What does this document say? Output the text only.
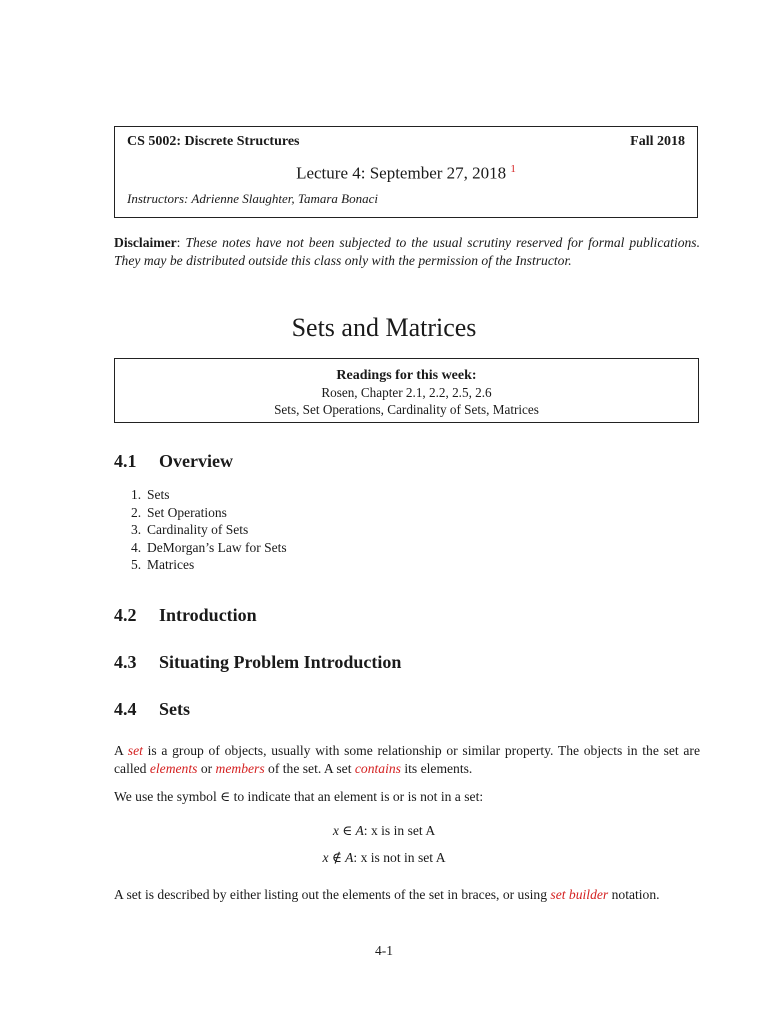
CS 5002: Discrete Structures	Fall 2018
Lecture 4: September 27, 2018 $^1$
Instructors: Adrienne Slaughter, Tamara Bonaci

Disclaimer: These notes have not been subjected to the usual scrutiny reserved for formal publications. They may be distributed outside this class only with the permission of the Instructor.

Sets and Matrices
Readings for this week:
Rosen, Chapter 2.1, 2.2, 2.5, 2.6
Sets, Set Operations, Cardinality of Sets, Matrices
4.1 Overview
1. Sets
2. Set Operations
3. Cardinality of Sets
4. DeMorgan’s Law for Sets
5. Matrices
4.2 Introduction
4.3 Situating Problem Introduction
4.4 Sets

A set is a group of objects, usually with some relationship or similar property. The objects in the set are called elements or members of the set. A set contains its elements.

We use the symbol ∈ to indicate that an element is or is not in a set:

x ∈ A: x is in set A
x ∉ A: x is not in set A

A set is described by either listing out the elements of the set in braces, or using set builder notation.

4-1
